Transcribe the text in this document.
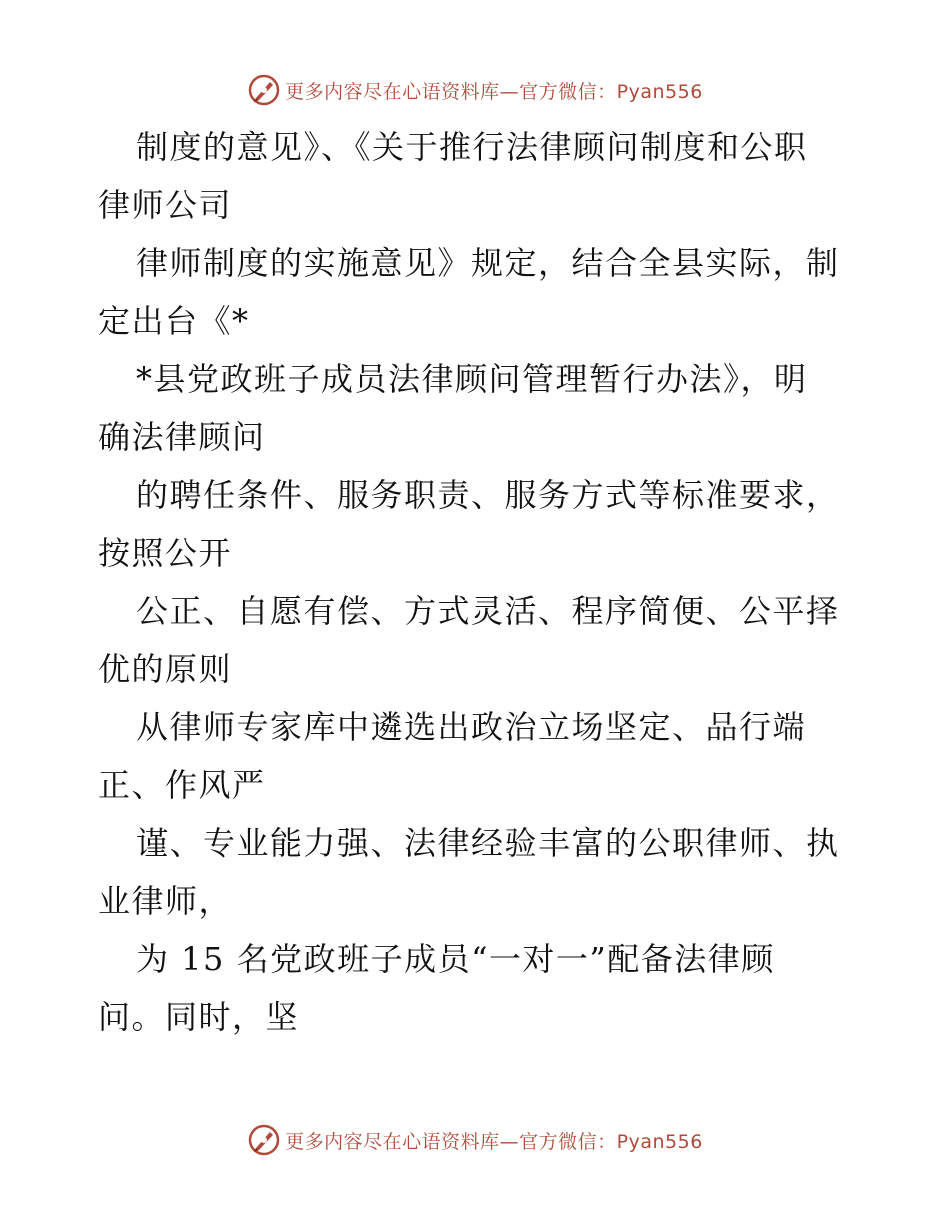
更多内容尽在心语资料库 —官方微信：Pyan556
制度的意见》、《关于推行法律顾问制度和公职
律师公司
律师制度的实施意见》规定，结合全县实际，制
定出台《*
*县党政班子成员法律顾问管理暂行办法》，明
确法律顾问
的聘任条件、服务职责、服务方式等标准要求，
按照公开
公正、自愿有偿、方式灵活、程序简便、公平择
优的原则
从律师专家库中遴选出政治立场坚定、品行端
正、作风严
谨、专业能力强、法律经验丰富的公职律师、执
业律师，
为 15 名党政班子成员“一对一”配备法律顾
问。同时，坚
更多内容尽在心语资料库 —官方微信：Pyan556
